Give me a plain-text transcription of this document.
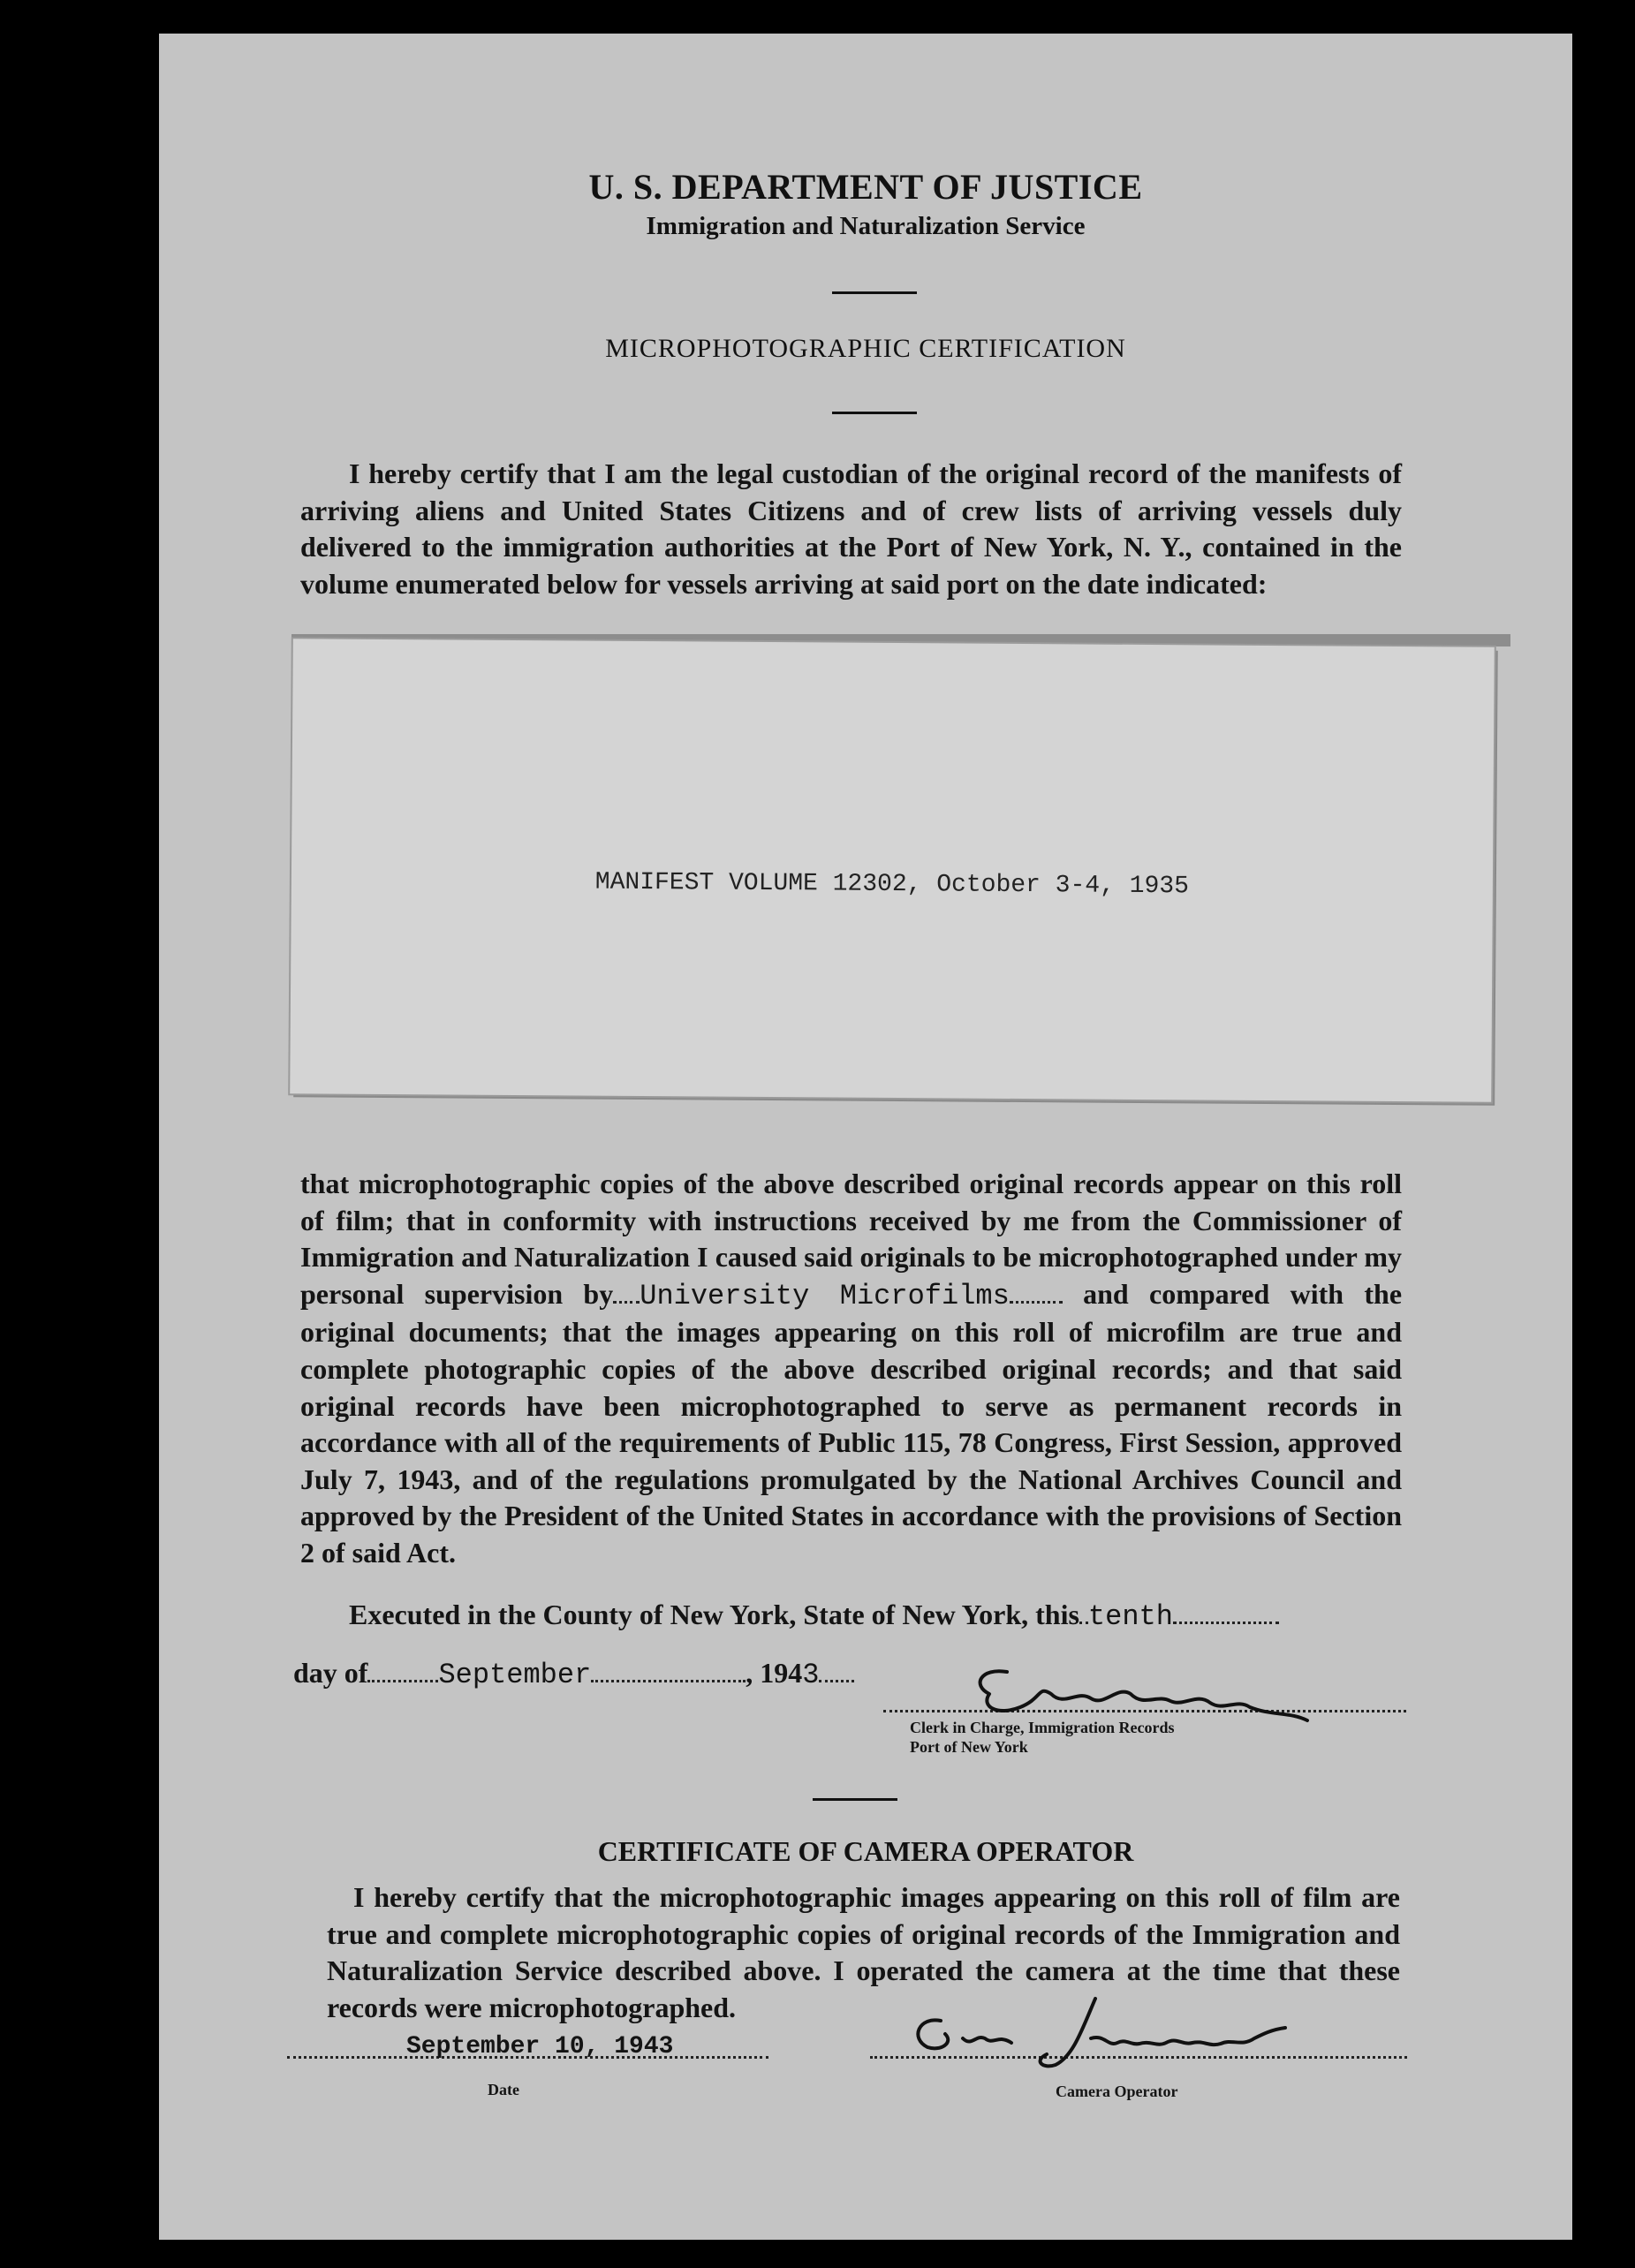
U. S. DEPARTMENT OF JUSTICE
Immigration and Naturalization Service
MICROPHOTOGRAPHIC CERTIFICATION

I hereby certify that I am the legal custodian of the original record of the manifests of arriving aliens and United States Citizens and of crew lists of arriving vessels duly delivered to the immigration authorities at the Port of New York, N. Y., contained in the volume enumerated below for vessels arriving at said port on the date indicated:

MANIFEST VOLUME 12302, October 3-4, 1935

that microphotographic copies of the above described original records appear on this roll of film; that in conformity with instructions received by me from the Commissioner of Immigration and Naturalization I caused said originals to be microphotographed under my personal supervision by University Microfilms	and compared with the original documents; that the images appearing on this roll of microfilm are true and complete photographic copies of the above described original records; and that said original records have been microphotographed to serve as permanent records in accordance with all of the requirements of Public 115, 78 Congress, First Session, approved July 7, 1943, and of the regulations promulgated by the National Archives Council and approved by the President of the United States in accordance with the provisions of Section 2 of said Act.

Executed in the County of New York, State of New York, this tenth
day of	September	, 1943
Clerk in Charge, Immigration Records
Port of New York
CERTIFICATE OF CAMERA OPERATOR

I hereby certify that the microphotographic images appearing on this roll of film are true and complete microphotographic copies of original records of the Immigration and Naturalization Service described above. I operated the camera at the time that these records were microphotographed.

September 10, 1943
Date	Camera Operator
